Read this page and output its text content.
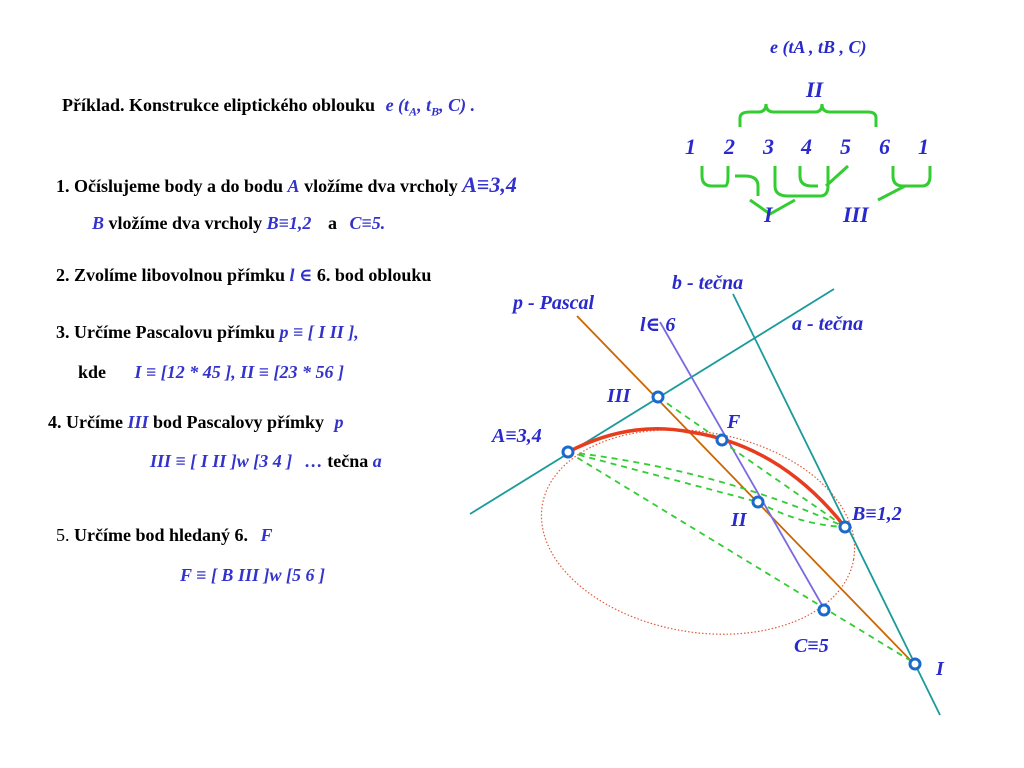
Příklad. Konstrukce eliptického oblouku e ($t_A$, $t_B$, C) .
1. Očíslujeme body a do bodu A vložíme dva vrcholy A≡3,4
B vložíme dva vrcholy B≡1,2 a C≡5.
2. Zvolíme libovolnou přímku l ∈ 6. bod oblouku
3. Určíme Pascalovu přímku p ≡ [ I II ],
kde I ≡ [12 * 45 ], II ≡ [23 * 56 ]
4. Určíme III bod Pascalovy přímky p
III ≡ [ I II ]w [3 4 ] … tečna a
5. Určíme bod hledaný 6. F
F ≡ [ B III ]w [5 6 ]
e (tA , tB , C)
II
1 2 3 4 5 6 1
I	III
b - tečna
p - Pascal
l∈ 6	a - tečna
III
F
A≡3,4
II	B≡1,2
C≡5
I
